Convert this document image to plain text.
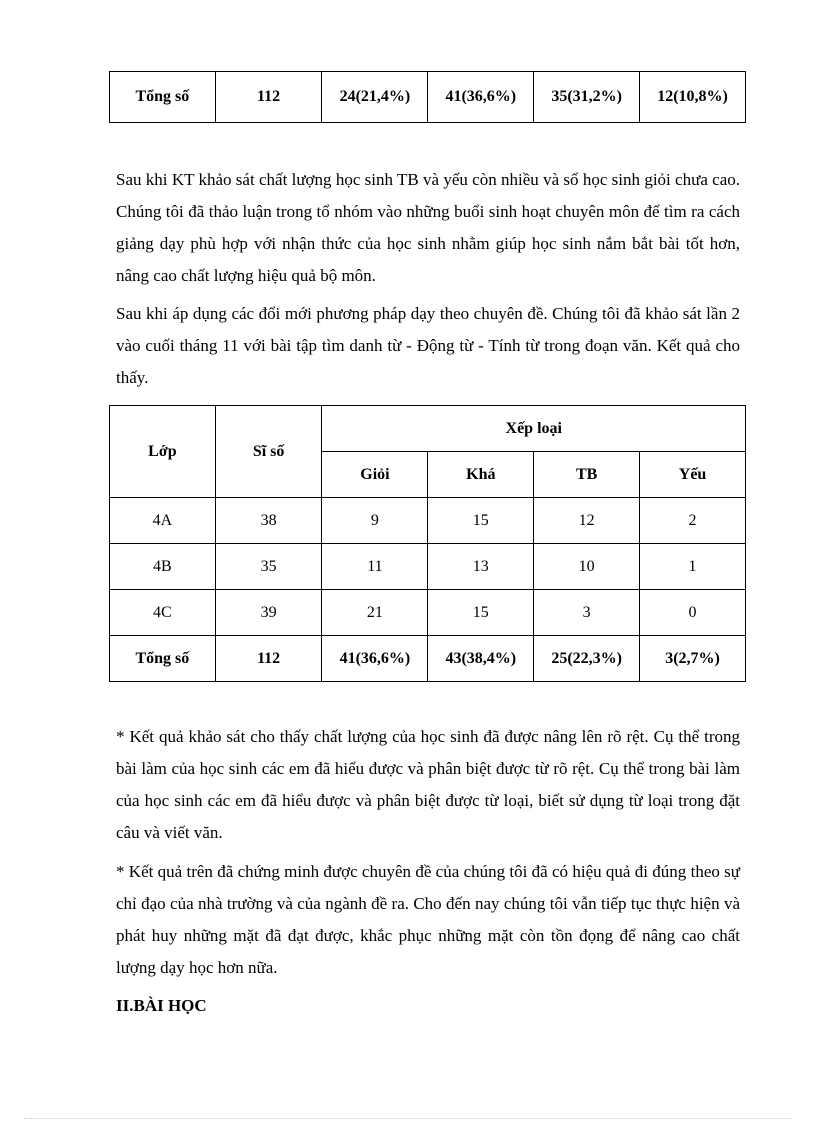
Tổng số	112	24(21,4%)	41(36,6%)	35(31,2%)	12(10,8%)

Sau khi KT khảo sát chất lượng học sinh TB và yếu còn nhiều và số học sinh giỏi chưa cao. Chúng tôi đã thảo luận trong tổ nhóm vào những buổi sinh hoạt chuyên môn để tìm ra cách giảng dạy phù hợp với nhận thức của học sinh nhằm giúp học sinh nắm bắt bài tốt hơn, nâng cao chất lượng hiệu quả bộ môn.

Sau khi áp dụng các đổi mới phương pháp dạy theo chuyên đề. Chúng tôi đã khảo sát lần 2 vào cuối tháng 11 với bài tập tìm danh từ - Động từ - Tính từ trong đoạn văn. Kết quả cho thấy.

Lớp	Sĩ số	Xếp loại			
		Giỏi	Khá	TB	Yếu
4A	38	9	15	12	2
4B	35	11	13	10	1
4C	39	21	15	3	0
Tổng số	112	41(36,6%)	43(38,4%)	25(22,3%)	3(2,7%)

* Kết quả khảo sát cho thấy chất lượng của học sinh đã được nâng lên rõ rệt. Cụ thể trong bài làm của học sinh các em đã hiểu được và phân biệt được từ rõ rệt. Cụ thể trong bài làm của học sinh các em đã hiểu được và phân biệt được từ loại, biết sử dụng từ loại trong đặt câu và viết văn.

* Kết quả trên đã chứng minh được chuyên đề của chúng tôi đã có hiệu quả đi đúng theo sự chỉ đạo của nhà trường và của ngành đề ra. Cho đến nay chúng tôi vẫn tiếp tục thực hiện và phát huy những mặt đã đạt được, khắc phục những mặt còn tồn đọng để nâng cao chất lượng dạy học hơn nữa.

II.BÀI HỌC
